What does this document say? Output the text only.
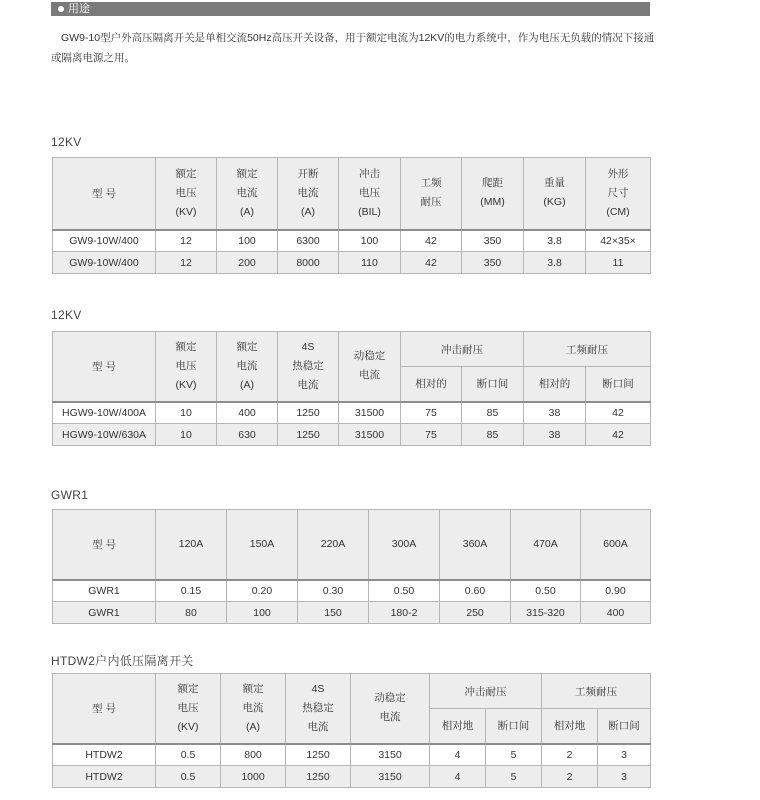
用途
GW9-10型户外高压隔离开关是单相交流50Hz高压开关设备，用于额定电流为12KV的电力系统中，作为电压无负载的情况下接通或隔离电源之用。
12KV
型 号	额定
电压
(KV)	额定
电流
(A)	开断
电流
(A)	冲击
电压
(BIL)	工频
耐压	爬距
(MM)	重量
(KG)	外形
尺寸
(CM)
GW9-10W/400	12	100	6300	100	42	350	3.8	42×35×
GW9-10W/400	12	200	8000	110	42	350	3.8	11
12KV
型 号	额定
电压
(KV)	额定
电流
(A)	4S
热稳定
电流	动稳定
电流	冲击耐压		工频耐压	
					相对的	断口间	相对的	断口间
HGW9-10W/400A	10	400	1250	31500	75	85	38	42
HGW9-10W/630A	10	630	1250	31500	75	85	38	42
GWR1
型 号	120A	150A	220A	300A	360A	470A	600A
GWR1	0.15	0.20	0.30	0.50	0.60	0.50	0.90
GWR1	80	100	150	180-2	250	315-320	400
HTDW2户内低压隔离开关
型 号	额定
电压
(KV)	额定
电流
(A)	4S
热稳定
电流	动稳定
电流	冲击耐压		工频耐压	
					相对地	断口间	相对地	断口间
HTDW2	0.5	800	1250	3150	4	5	2	3
HTDW2	0.5	1000	1250	3150	4	5	2	3
